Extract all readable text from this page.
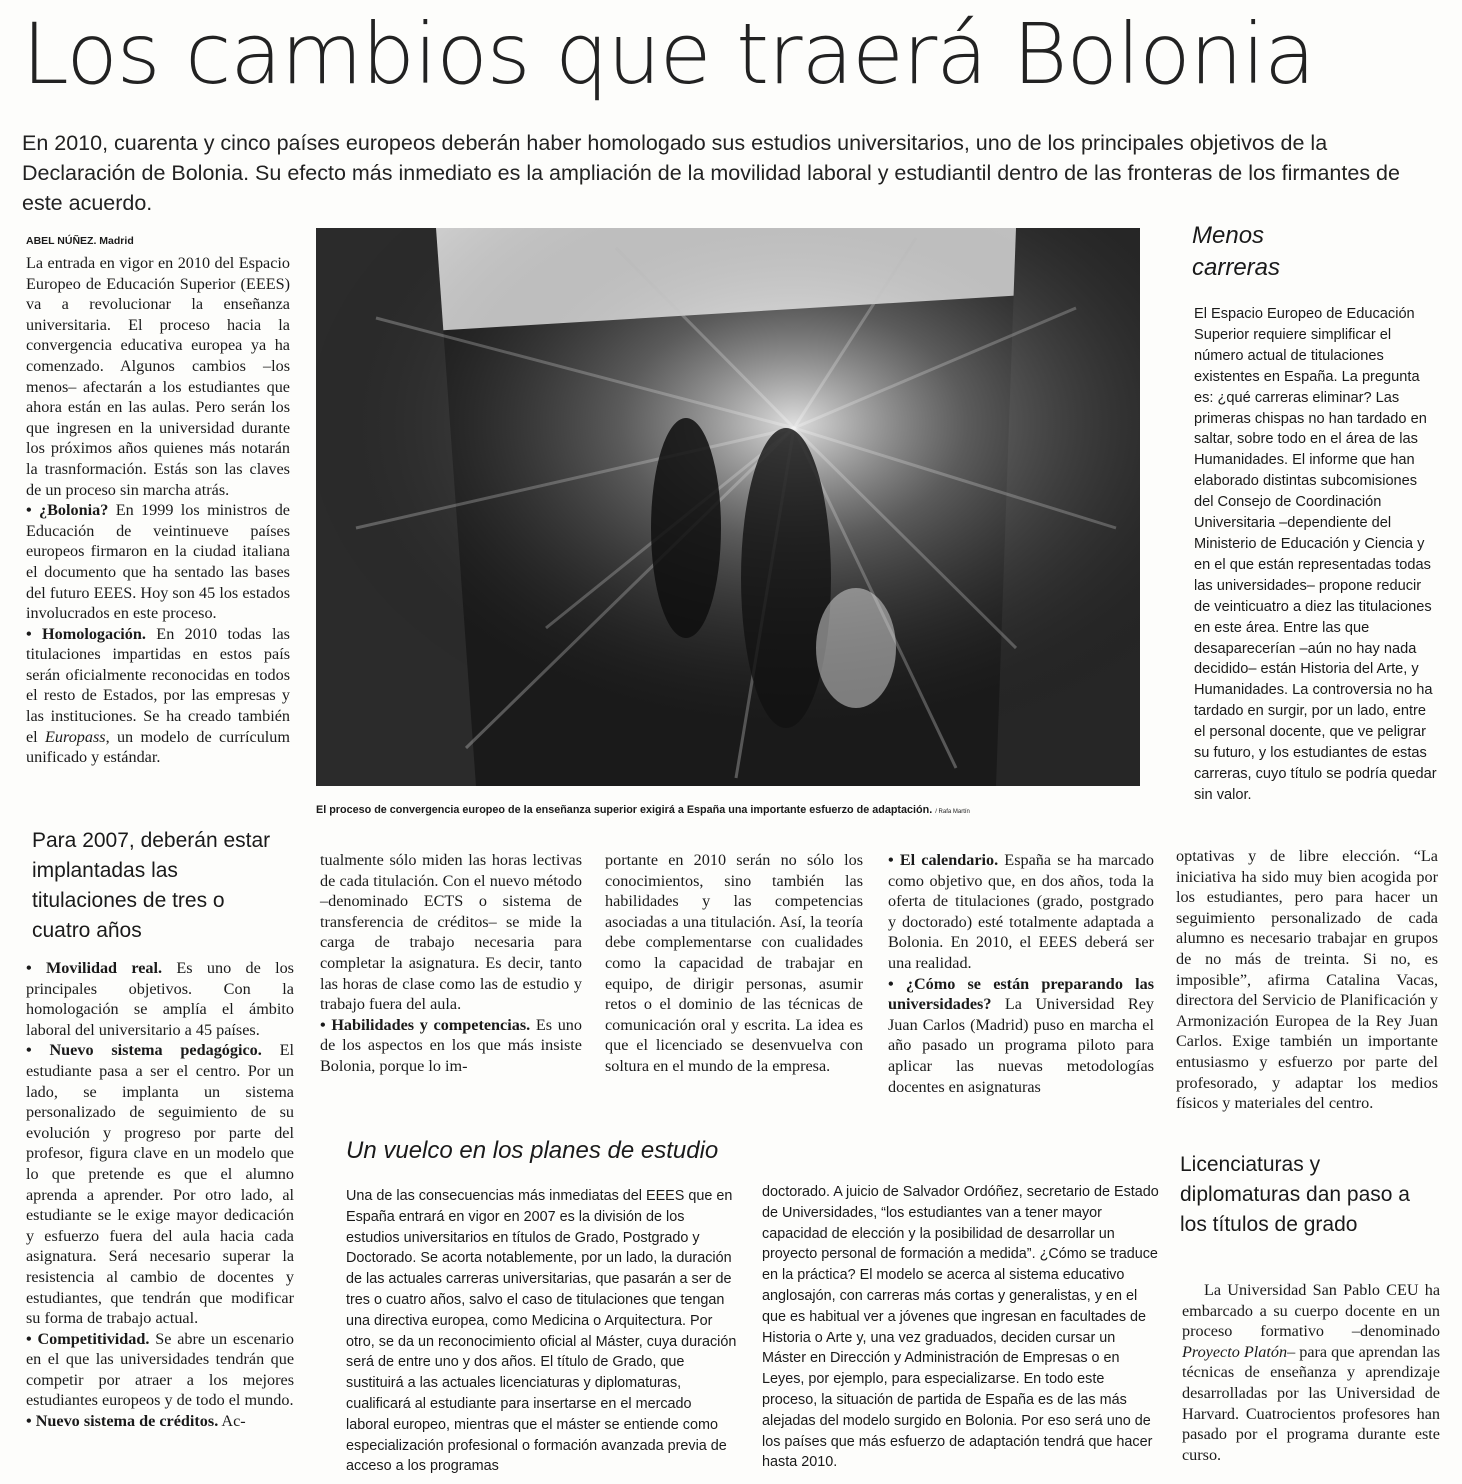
Los cambios que traerá Bolonia
En 2010, cuarenta y cinco países europeos deberán haber homologado sus estudios universitarios, uno de los principales objetivos de la Declaración de Bolonia. Su efecto más inmediato es la ampliación de la movilidad laboral y estudiantil dentro de las fronteras de los firmantes de este acuerdo.
ABEL NÚÑEZ. Madrid

La entrada en vigor en 2010 del Espacio Europeo de Educación Superior (EEES) va a revolucionar la enseñanza universitaria. El proceso hacia la convergencia educativa europea ya ha comenzado. Algunos cambios –los menos– afectarán a los estudiantes que ahora están en las aulas. Pero serán los que ingresen en la universidad durante los próximos años quienes más notarán la trasnformación. Estás son las claves de un proceso sin marcha atrás.

• ¿Bolonia? En 1999 los ministros de Educación de veintinueve países europeos firmaron en la ciudad italiana el documento que ha sentado las bases del futuro EEES. Hoy son 45 los estados involucrados en este proceso.

• Homologación. En 2010 todas las titulaciones impartidas en estos país serán oficialmente reconocidas en todos el resto de Estados, por las empresas y las instituciones. Se ha creado también el Europass, un modelo de currículum unificado y estándar.

Para 2007, deberán estar implantadas las titulaciones de tres o cuatro años

• Movilidad real. Es uno de los principales objetivos. Con la homologación se amplía el ámbito laboral del universitario a 45 países.

• Nuevo sistema pedagógico. El estudiante pasa a ser el centro. Por un lado, se implanta un sistema personalizado de seguimiento de su evolución y progreso por parte del profesor, figura clave en un modelo que lo que pretende es que el alumno aprenda a aprender. Por otro lado, al estudiante se le exige mayor dedicación y esfuerzo fuera del aula hacia cada asignatura. Será necesario superar la resistencia al cambio de docentes y estudiantes, que tendrán que modificar su forma de trabajo actual.

• Competitividad. Se abre un escenario en el que las universidades tendrán que competir por atraer a los mejores estudiantes europeos y de todo el mundo.

• Nuevo sistema de créditos. Ac-

El proceso de convergencia europeo de la enseñanza superior exigirá a España una importante esfuerzo de adaptación. / Rafa Martín
Menos carreras
El Espacio Europeo de Educación Superior requiere simplificar el número actual de titulaciones existentes en España. La pregunta es: ¿qué carreras eliminar? Las primeras chispas no han tardado en saltar, sobre todo en el área de las Humanidades. El informe que han elaborado distintas subcomisiones del Consejo de Coordinación Universitaria –dependiente del Ministerio de Educación y Ciencia y en el que están representadas todas las universidades– propone reducir de veinticuatro a diez las titulaciones en este área. Entre las que desaparecerían –aún no hay nada decidido– están Historia del Arte, y Humanidades. La controversia no ha tardado en surgir, por un lado, entre el personal docente, que ve peligrar su futuro, y los estudiantes de estas carreras, cuyo título se podría quedar sin valor.

tualmente sólo miden las horas lectivas de cada titulación. Con el nuevo método –denominado ECTS o sistema de transferencia de créditos– se mide la carga de trabajo necesaria para completar la asignatura. Es decir, tanto las horas de clase como las de estudio y trabajo fuera del aula.

• Habilidades y competencias. Es uno de los aspectos en los que más insiste Bolonia, porque lo im-

portante en 2010 serán no sólo los conocimientos, sino también las habilidades y las competencias asociadas a una titulación. Así, la teoría debe complementarse con cualidades como la capacidad de trabajar en equipo, de dirigir personas, asumir retos o el dominio de las técnicas de comunicación oral y escrita. La idea es que el licenciado se desenvuelva con soltura en el mundo de la empresa.

• El calendario. España se ha marcado como objetivo que, en dos años, toda la oferta de titulaciones (grado, postgrado y doctorado) esté totalmente adaptada a Bolonia. En 2010, el EEES deberá ser una realidad.

• ¿Cómo se están preparando las universidades? La Universidad Rey Juan Carlos (Madrid) puso en marcha el año pasado un programa piloto para aplicar las nuevas metodologías docentes en asignaturas

optativas y de libre elección. “La iniciativa ha sido muy bien acogida por los estudiantes, pero para hacer un seguimiento personalizado de cada alumno es necesario trabajar en grupos de no más de treinta. Si no, es imposible”, afirma Catalina Vacas, directora del Servicio de Planificación y Armonización Europea de la Rey Juan Carlos. Exige también un importante entusiasmo y esfuerzo por parte del profesorado, y adaptar los medios físicos y materiales del centro.

Un vuelco en los planes de estudio
Una de las consecuencias más inmediatas del EEES que en España entrará en vigor en 2007 es la división de los estudios universitarios en títulos de Grado, Postgrado y Doctorado. Se acorta notablemente, por un lado, la duración de las actuales carreras universitarias, que pasarán a ser de tres o cuatro años, salvo el caso de titulaciones que tengan una directiva europea, como Medicina o Arquitectura. Por otro, se da un reconocimiento oficial al Máster, cuya duración será de entre uno y dos años. El título de Grado, que sustituirá a las actuales licenciaturas y diplomaturas, cualificará al estudiante para insertarse en el mercado laboral europeo, mientras que el máster se entiende como especialización profesional o formación avanzada previa de acceso a los programas
doctorado. A juicio de Salvador Ordóñez, secretario de Estado de Universidades, “los estudiantes van a tener mayor capacidad de elección y la posibilidad de desarrollar un proyecto personal de formación a medida”. ¿Cómo se traduce en la práctica? El modelo se acerca al sistema educativo anglosajón, con carreras más cortas y generalistas, y en el que es habitual ver a jóvenes que ingresan en facultades de Historia o Arte y, una vez graduados, deciden cursar un Máster en Dirección y Administración de Empresas o en Leyes, por ejemplo, para especializarse. En todo este proceso, la situación de partida de España es de las más alejadas del modelo surgido en Bolonia. Por eso será uno de los países que más esfuerzo de adaptación tendrá que hacer hasta 2010.
Licenciaturas y diplomaturas dan paso a los títulos de grado

La Universidad San Pablo CEU ha embarcado a su cuerpo docente en un proceso formativo –denominado Proyecto Platón– para que aprendan las técnicas de enseñanza y aprendizaje desarrolladas por las Universidad de Harvard. Cuatrocientos profesores han pasado por el programa durante este curso.
